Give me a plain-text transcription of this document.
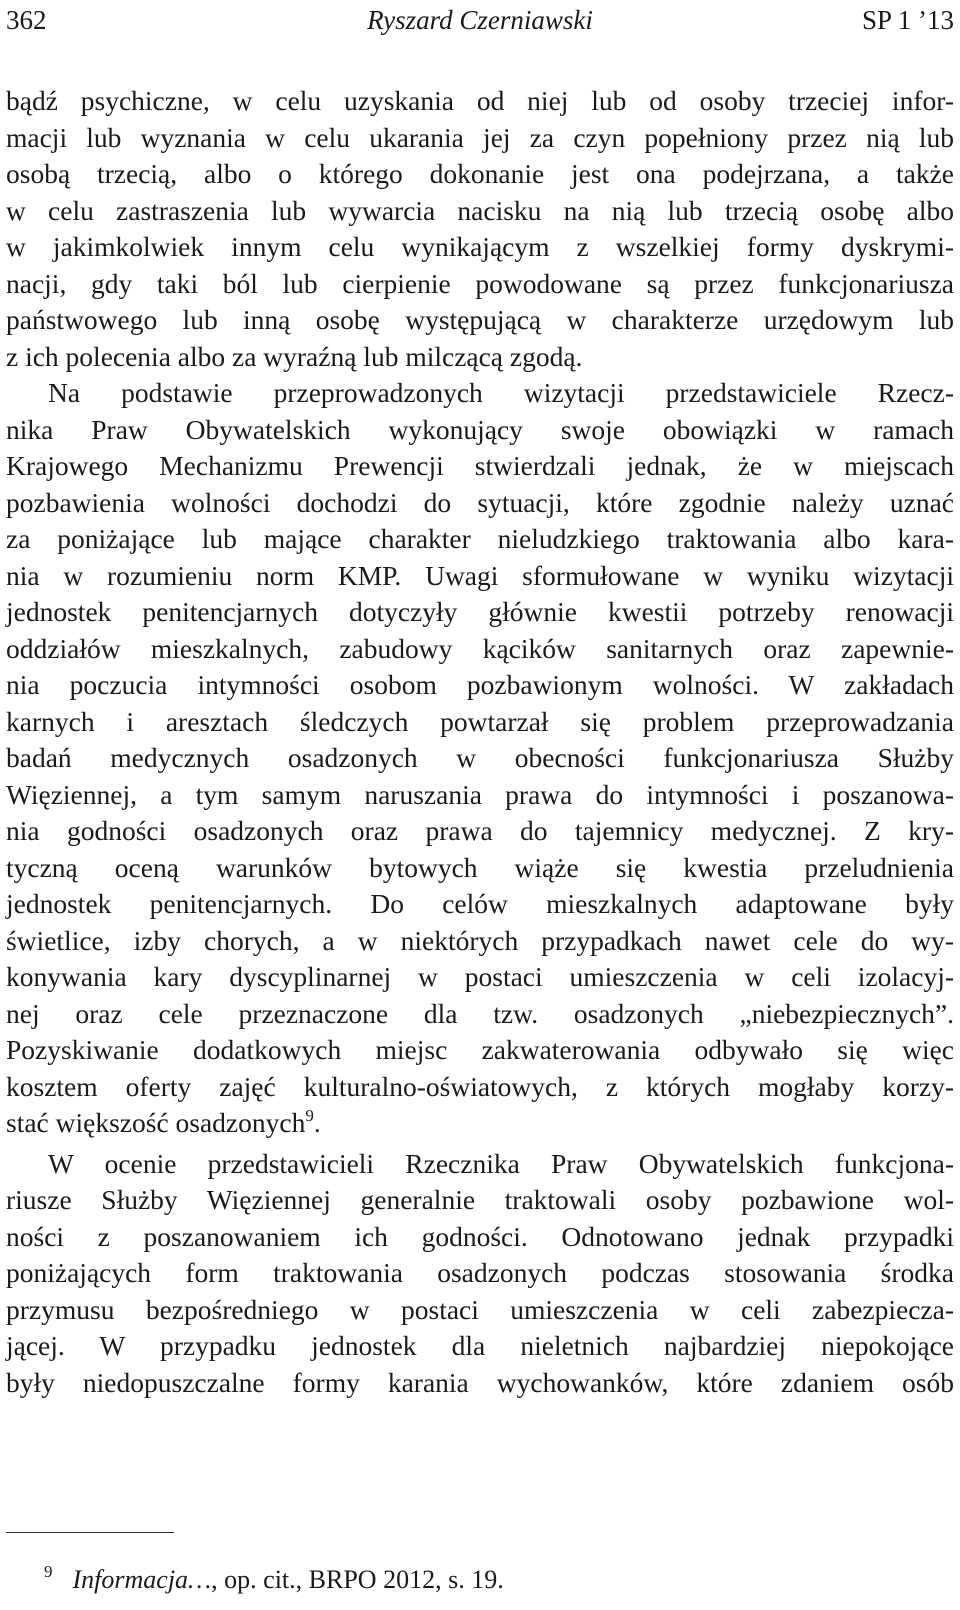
362	Ryszard Czerniawski	SP 1 ’13
bądź psychiczne, w celu uzyskania od niej lub od osoby trzeciej infor-
macji lub wyznania w celu ukarania jej za czyn popełniony przez nią lub
osobą trzecią, albo o którego dokonanie jest ona podejrzana, a także
w celu zastraszenia lub wywarcia nacisku na nią lub trzecią osobę albo
w jakimkolwiek innym celu wynikającym z wszelkiej formy dyskrymi-
nacji, gdy taki ból lub cierpienie powodowane są przez funkcjonariusza
państwowego lub inną osobę występującą w charakterze urzędowym lub
z ich polecenia albo za wyraźną lub milczącą zgodą.
Na podstawie przeprowadzonych wizytacji przedstawiciele Rzecz-
nika Praw Obywatelskich wykonujący swoje obowiązki w ramach
Krajowego Mechanizmu Prewencji stwierdzali jednak, że w miejscach
pozbawienia wolności dochodzi do sytuacji, które zgodnie należy uznać
za poniżające lub mające charakter nieludzkiego traktowania albo kara-
nia w rozumieniu norm KMP. Uwagi sformułowane w wyniku wizytacji
jednostek penitencjarnych dotyczyły głównie kwestii potrzeby renowacji
oddziałów mieszkalnych, zabudowy kącików sanitarnych oraz zapewnie-
nia poczucia intymności osobom pozbawionym wolności. W zakładach
karnych i aresztach śledczych powtarzał się problem przeprowadzania
badań medycznych osadzonych w obecności funkcjonariusza Służby
Więziennej, a tym samym naruszania prawa do intymności i poszanowa-
nia godności osadzonych oraz prawa do tajemnicy medycznej. Z kry-
tyczną oceną warunków bytowych wiąże się kwestia przeludnienia
jednostek penitencjarnych. Do celów mieszkalnych adaptowane były
świetlice, izby chorych, a w niektórych przypadkach nawet cele do wy-
konywania kary dyscyplinarnej w postaci umieszczenia w celi izolacyj-
nej oraz cele przeznaczone dla tzw. osadzonych „niebezpiecznych”.
Pozyskiwanie dodatkowych miejsc zakwaterowania odbywało się więc
kosztem oferty zajęć kulturalno-oświatowych, z których mogłaby korzy-
stać większość osadzonych$^9$.
W ocenie przedstawicieli Rzecznika Praw Obywatelskich funkcjona-
riusze Służby Więziennej generalnie traktowali osoby pozbawione wol-
ności z poszanowaniem ich godności. Odnotowano jednak przypadki
poniżających form traktowania osadzonych podczas stosowania środka
przymusu bezpośredniego w postaci umieszczenia w celi zabezpiecza-
jącej. W przypadku jednostek dla nieletnich najbardziej niepokojące
były niedopuszczalne formy karania wychowanków, które zdaniem osób
$^9$ Informacja…, op. cit., BRPO 2012, s. 19.
